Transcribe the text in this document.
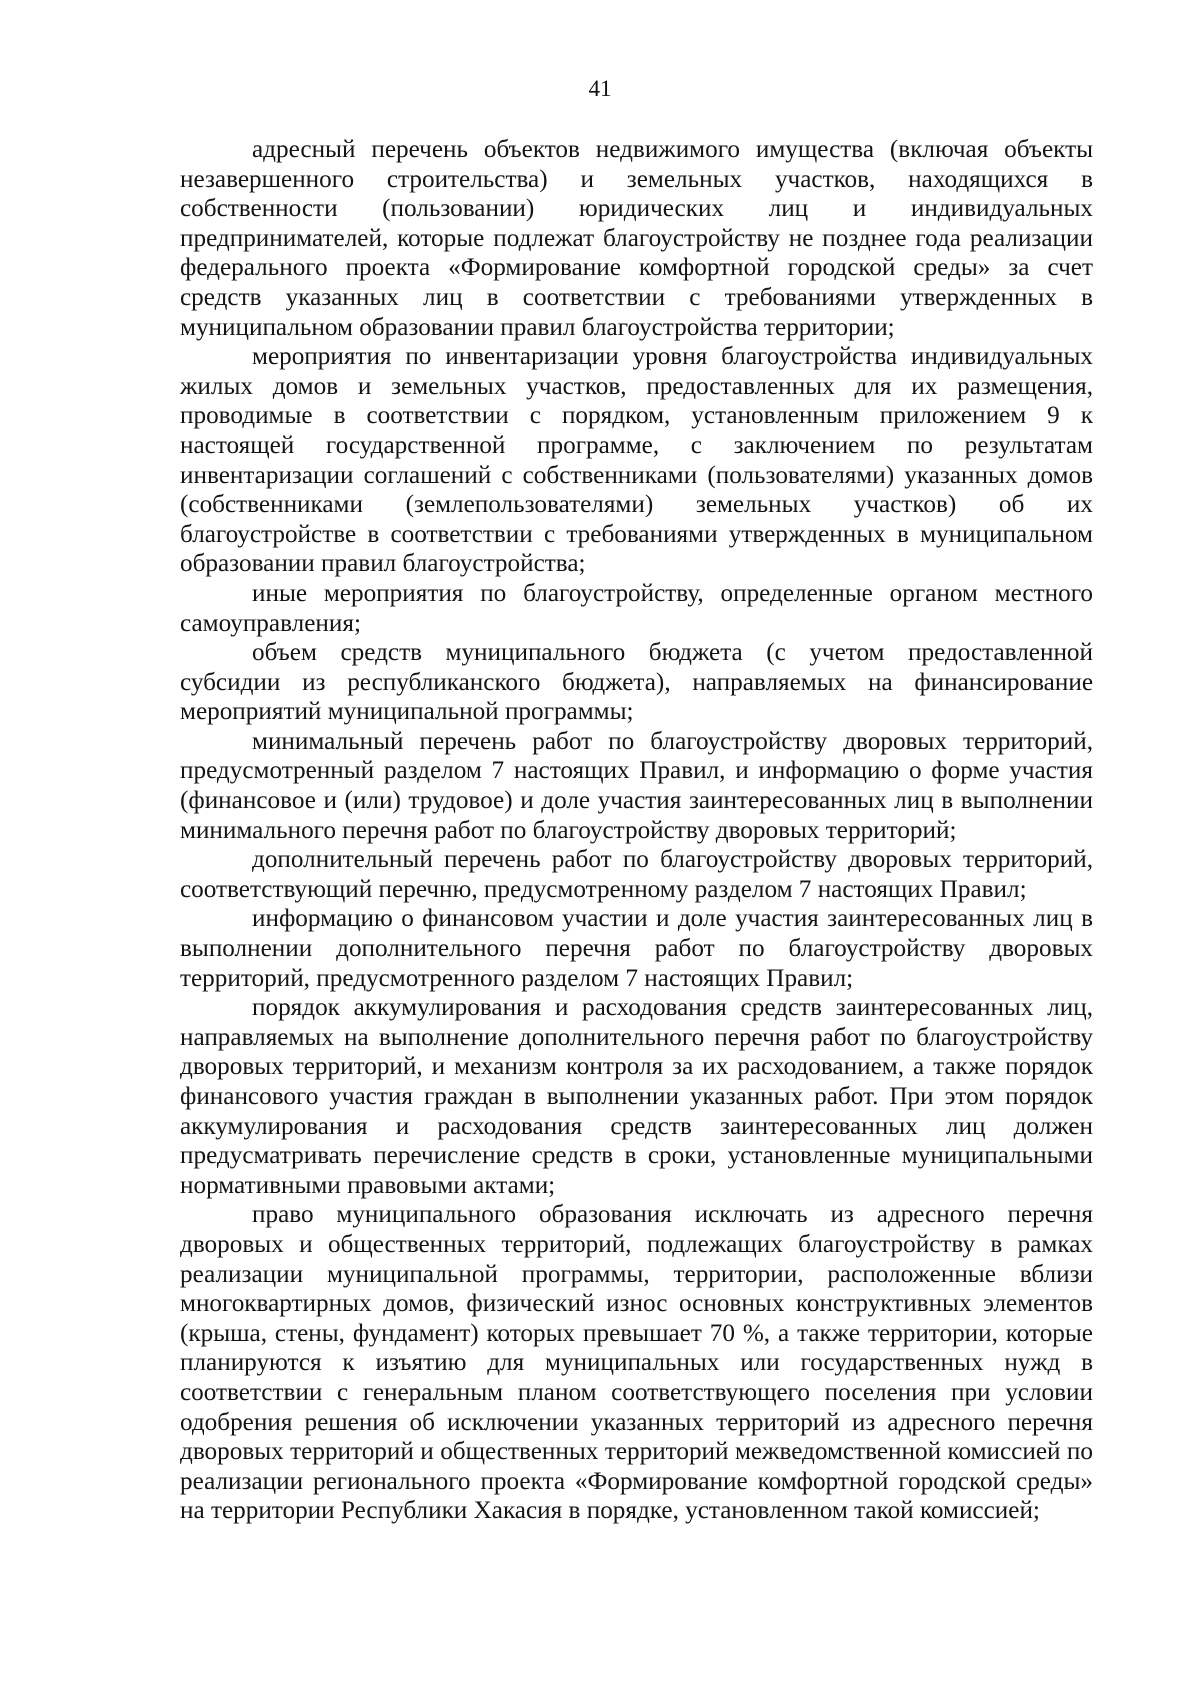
41

адресный перечень объектов недвижимого имущества (включая объекты незавершенного строительства) и земельных участков, находящихся в собственности (пользовании) юридических лиц и индивидуальных предпринимателей, которые подлежат благоустройству не позднее года реализации федерального проекта «Формирование комфортной городской среды» за счет средств указанных лиц в соответствии с требованиями утвержденных в муниципальном образовании правил благоустройства территории;

мероприятия по инвентаризации уровня благоустройства индивидуальных жилых домов и земельных участков, предоставленных для их размещения, проводимые в соответствии с порядком, установленным приложением 9 к настоящей государственной программе, с заключением по результатам инвентаризации соглашений с собственниками (пользователями) указанных домов (собственниками (землепользователями) земельных участков) об их благоустройстве в соответствии с требованиями утвержденных в муниципальном образовании правил благоустройства;

иные мероприятия по благоустройству, определенные органом местного самоуправления;

объем средств муниципального бюджета (с учетом предоставленной субсидии из республиканского бюджета), направляемых на финансирование мероприятий муниципальной программы;

минимальный перечень работ по благоустройству дворовых территорий, предусмотренный разделом 7 настоящих Правил, и информацию о форме участия (финансовое и (или) трудовое) и доле участия заинтересованных лиц в выполнении минимального перечня работ по благоустройству дворовых территорий;

дополнительный перечень работ по благоустройству дворовых территорий, соответствующий перечню, предусмотренному разделом 7 настоящих Правил;

информацию о финансовом участии и доле участия заинтересованных лиц в выполнении дополнительного перечня работ по благоустройству дворовых территорий, предусмотренного разделом 7 настоящих Правил;

порядок аккумулирования и расходования средств заинтересованных лиц, направляемых на выполнение дополнительного перечня работ по благоустройству дворовых территорий, и механизм контроля за их расходованием, а также порядок финансового участия граждан в выполнении указанных работ. При этом порядок аккумулирования и расходования средств заинтересованных лиц должен предусматривать перечисление средств в сроки, установленные муниципальными нормативными правовыми актами;

право муниципального образования исключать из адресного перечня дворовых и общественных территорий, подлежащих благоустройству в рамках реализации муниципальной программы, территории, расположенные вблизи многоквартирных домов, физический износ основных конструктивных элементов (крыша, стены, фундамент) которых превышает 70 %, а также территории, которые планируются к изъятию для муниципальных или государственных нужд в соответствии с генеральным планом соответствующего поселения при условии одобрения решения об исключении указанных территорий из адресного перечня дворовых территорий и общественных территорий межведомственной комиссией по реализации регионального проекта «Формирование комфортной городской среды» на территории Республики Хакасия в порядке, установленном такой комиссией;
